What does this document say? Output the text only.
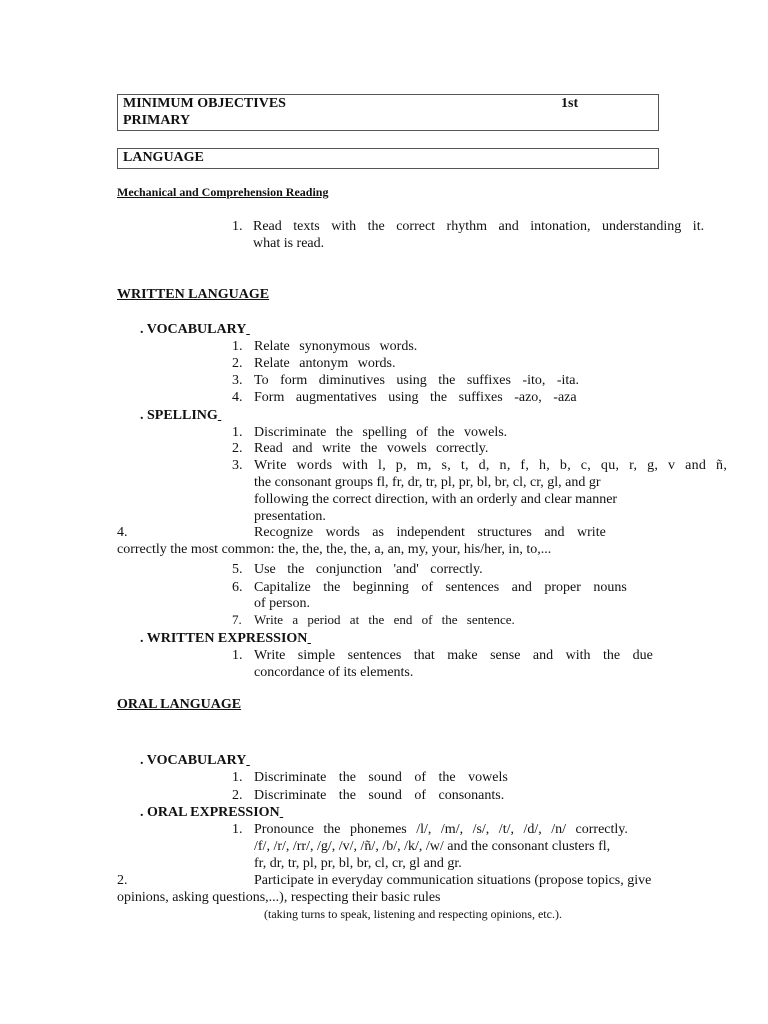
MINIMUM OBJECTIVES	1st
PRIMARY
LANGUAGE
Mechanical and Comprehension Reading
1. Read texts with the correct rhythm and intonation, understanding it.
what is read.
WRITTEN LANGUAGE
. VOCABULARY
1. Relate synonymous words.
2. Relate antonym words.
3. To form diminutives using the suffixes -ito, -ita.
4. Form augmentatives using the suffixes -azo, -aza
. SPELLING
1. Discriminate the spelling of the vowels.
2. Read and write the vowels correctly.
3. Write words with l, p, m, s, t, d, n, f, h, b, c, qu, r, g, v and ñ,
the consonant groups fl, fr, dr, tr, pl, pr, bl, br, cl, cr, gl, and gr
following the correct direction, with an orderly and clear manner
presentation.
4.	Recognize words as independent structures and write
correctly the most common: the, the, the, the, a, an, my, your, his/her, in, to,...
5. Use the conjunction 'and' correctly.
6. Capitalize the beginning of sentences and proper nouns
of person.
7. Write a period at the end of the sentence.
. WRITTEN EXPRESSION
1. Write simple sentences that make sense and with the due
concordance of its elements.
ORAL LANGUAGE
. VOCABULARY
1. Discriminate the sound of the vowels
2. Discriminate the sound of consonants.
. ORAL EXPRESSION
1. Pronounce the phonemes /l/, /m/, /s/, /t/, /d/, /n/ correctly.
/f/, /r/, /rr/, /g/, /v/, /ñ/, /b/, /k/, /w/ and the consonant clusters fl,
fr, dr, tr, pl, pr, bl, br, cl, cr, gl and gr.
2.	Participate in everyday communication situations (propose topics, give
opinions, asking questions,...), respecting their basic rules
(taking turns to speak, listening and respecting opinions, etc.).
